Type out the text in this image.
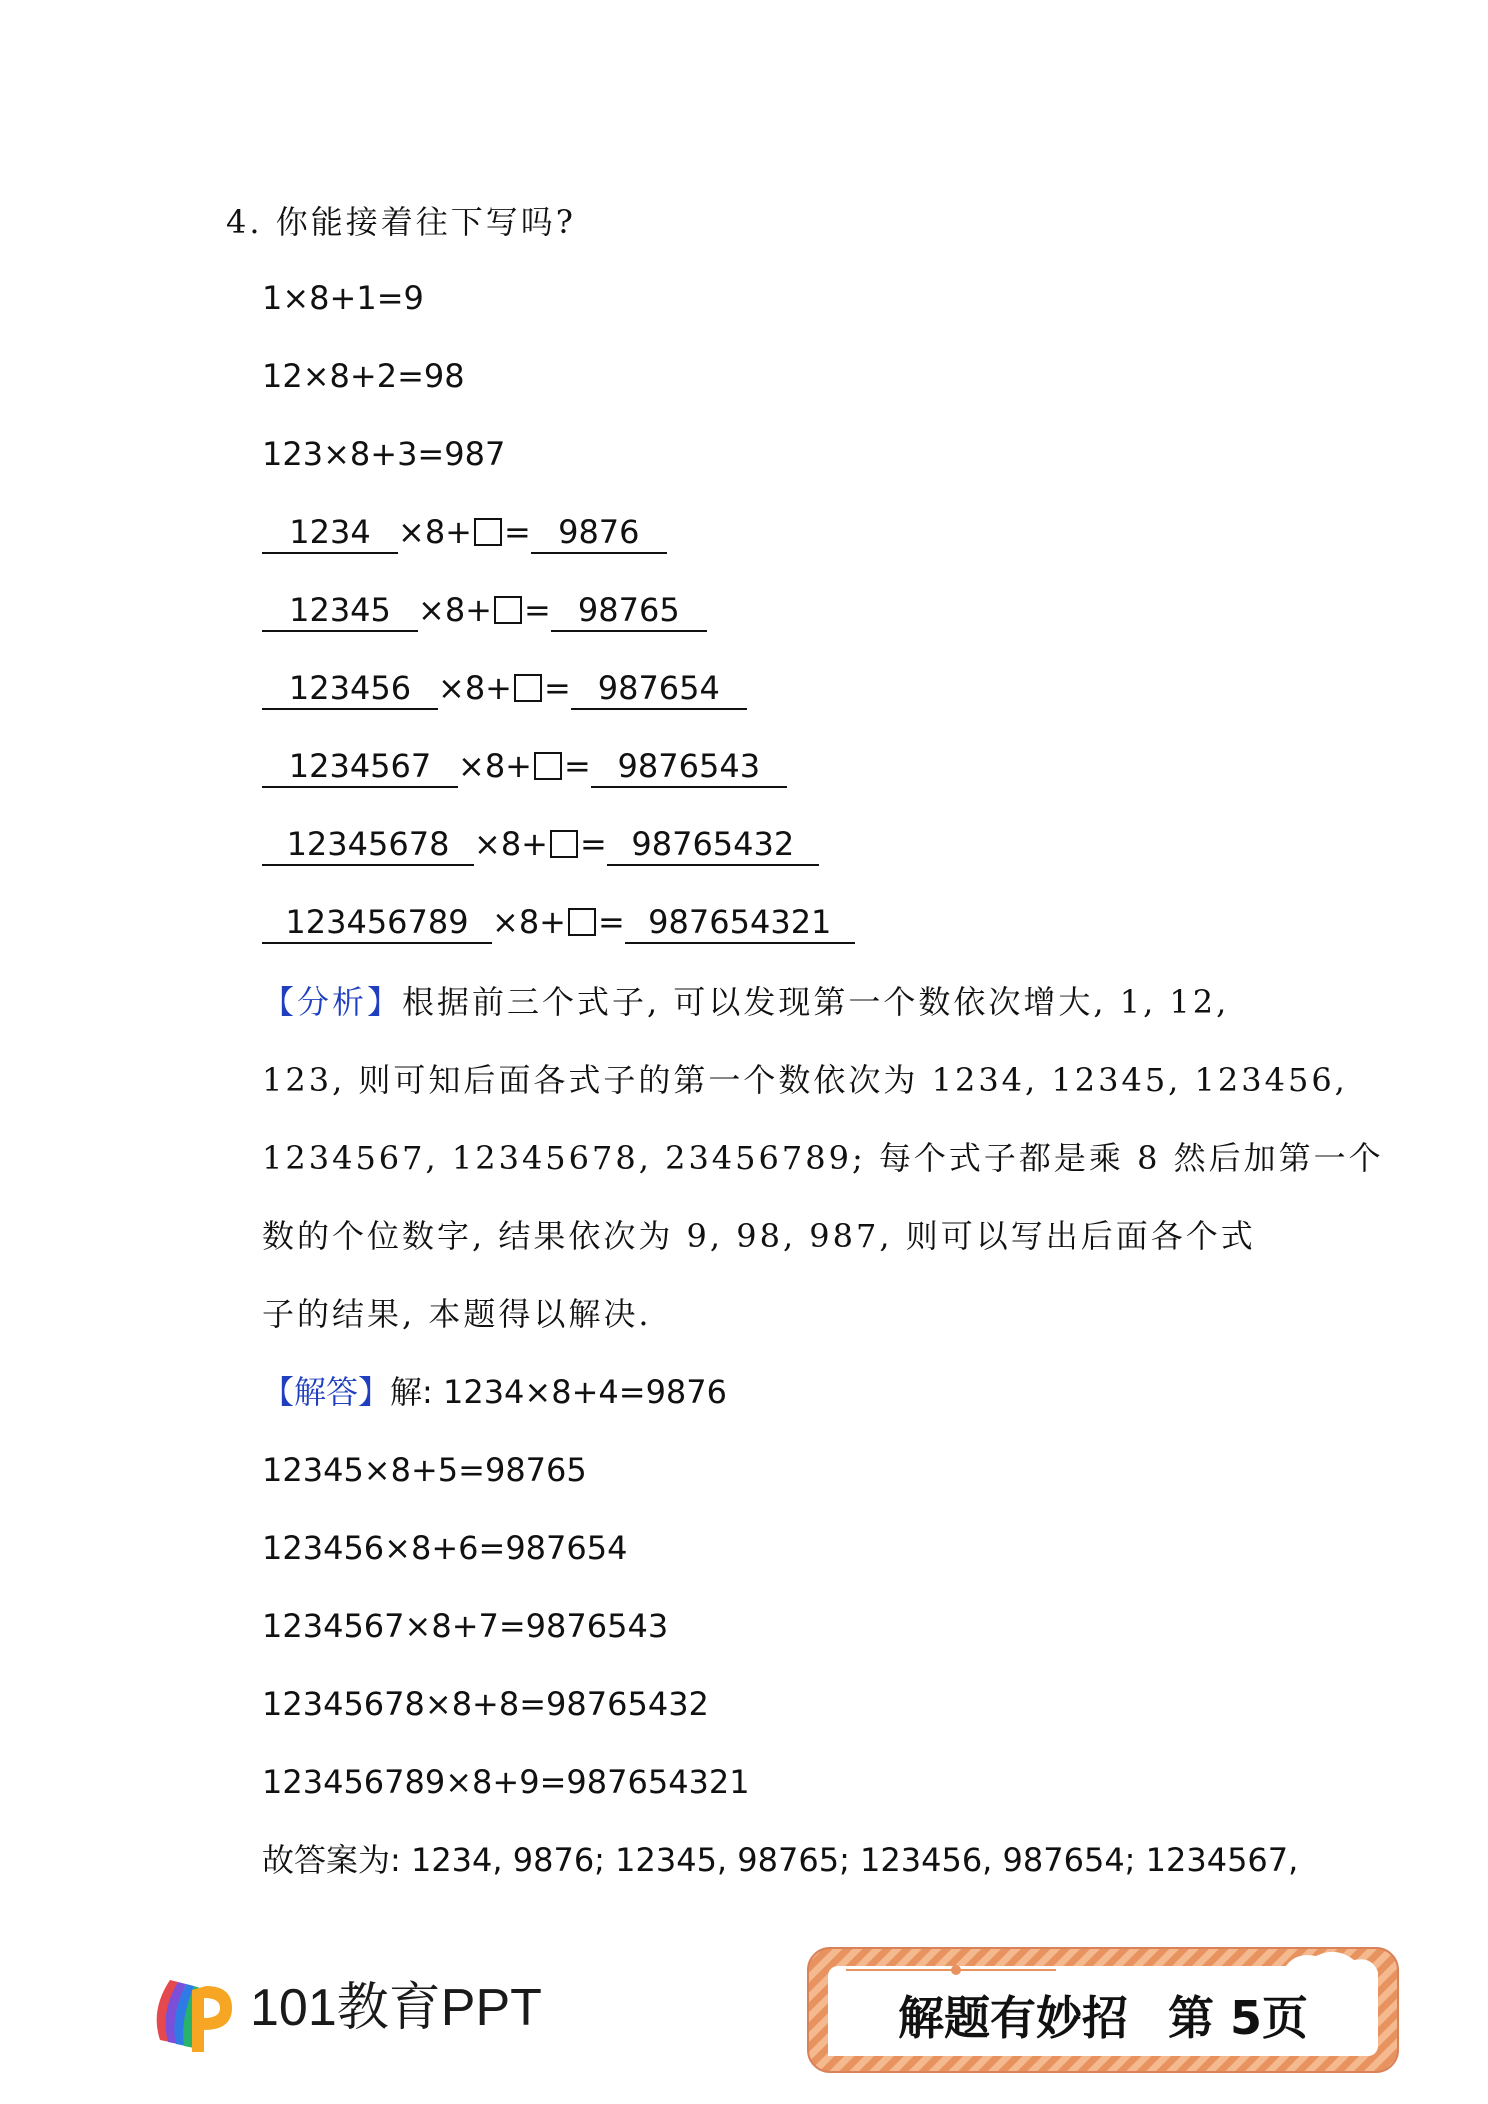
4. 你能接着往下写吗?
1×8+1=9
12×8+2=98
123×8+3=987
1234 ×8+ = 9876
12345 ×8+ = 98765
123456 ×8+ = 987654
1234567 ×8+ = 9876543
12345678 ×8+ = 98765432
123456789 ×8+ = 987654321
【分析】根据前三个式子, 可以发现第一个数依次增大, 1, 12,
123, 则可知后面各式子的第一个数依次为 1234, 12345, 123456,
1234567, 12345678, 23456789; 每个式子都是乘 8 然后加第一个
数的个位数字, 结果依次为 9, 98, 987, 则可以写出后面各个式
子的结果, 本题得以解决.
【解答】解: 1234×8+4=9876
12345×8+5=98765
123456×8+6=987654
1234567×8+7=9876543
12345678×8+8=98765432
123456789×8+9=987654321
故答案为: 1234, 9876; 12345, 98765; 123456, 987654; 1234567,
101教育PPT	解题有妙招 第 5页
